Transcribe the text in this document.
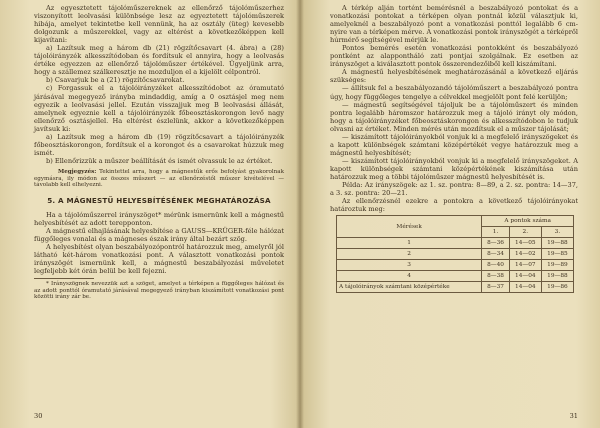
Az egyesztetett tájolóműszereknek az ellenőrző tájolóműszerhez viszonyított leolvasási különbsége lesz az egyeztetett tájolóműszerek hibája, amelyet tekintetbe kell vennünk, ha az osztály (üteg) kevesebb dolgozunk a műszerekkel, vagy az eltérést a következőképpen kell kijavítani:

a) Lazítsuk meg a három db (21) rögzítőcsavart (4. ábra) a (28) tájolóirányzék alkesszítódoban és fordítsuk el annyira, hogy a leolvasás értéke egyezzen az ellenőrző tájolóműszer értékével. Ügyeljünk arra, hogy a szállemez szálkeresztje ne mozduljon el a kijelölt célpontról.

b) Csavarjuk be a (21) rögzítőcsavarokat.

c) Forgassuk el a tájolóirányzéket alkesszítódobot az óramutató járásával megegyező irányba mindaddig, amíg a 0 osztásjel meg nem egyezik a leolvasási jellel. Ezután visszajjuk meg B leolvasási állását, amelynek egyeznie kell a tájolóirányzék főbeosztáskorongon levő nagy ellenőrző osztásjellel. Ha eltérést észlelünk, akkor a következőképpen javítsuk ki:

a) Lazítsuk meg a három db (19) rögzítőcsavart a tájolóirányzék főbeosztáskorongon, fordítsuk el a korongot és a csavarokat húzzuk meg ismét.

b) Ellenőrizzük a műszer beállítását és ismét olvassuk le az értéket.

Megjegyzés: Tekintettel arra, hogy a mágnestűk erős befolyást gyakorolnak egymásra, ily módon az összes műszert — az ellenőrzéstől műszer kivételével — távolabb kell elhelyezni.

5. A MÁGNESTŰ HELYESBÍTÉSÉNEK MEGHATÁROZÁSA

Ha a tájolóműszerrel irányszöget* mérünk ismernünk kell a mágnestű helyesbítését az adott terepponton.

A mágnestű elhajlásának helyesbítése a GAUSS—KRÜGER-féle hálózat függőleges vonalai és a mágneses észak irány által bezárt szög.

A helyesbítést olyan beszabályozópontról határozzuk meg, amelyről jól látható két-három vonatkozási pont. A választott vonatkozási pontok irányszögét ismernünk kell, a mágnestű beszabályozási műveletet legfeljebb két órán belül be kell fejezni.

* Irányszögnek nevezzük azt a szöget, amelyet a térképen a függőleges hálózat és az adott ponttól óramutató járásával megegyező irányban kiszámított vonatkozási pont közötti irány zár be.

30

A térkép alján tortént bemérésnél a beszabályozó pontokat és a vonatkozási pontokat a térképen olyan pontnál közül választjuk ki, amelyeknél a beszabályozó pont a vonatkozási ponttól legalább 6 cm-nyire van a térképen mérve. A vonatkozási pontok irányszögét a térképről húrmérő segítségével mérjük le.

Pontos bemérés esetén vonatkozási pontokként és beszabályozó pontként az alappontháló zati pontjai szolgálnak. Ez esetben az irányszöget a kiválasztott pontok összerendezőiből kell kiszámítani.

A mágnestű helyesbítésének meghatározásánál a következő eljárás szükséges:

— állítsuk fel a beszabályozandó tájolóműszert a beszabályozó pontra úgy, hogy függőleges tengelye a célvekkel megjelölt pont felé kerüljön;

— mágnestű segítségével tájoljuk be a tájolóműszert és minden pontra legalább háromszor határozzuk meg a tájoló irányt oly módon, hogy a tájolóirányzéket főbeosztáskorongon és alkesszítódobon le tudjuk olvasni az értéket. Minden mérés után mozdítsuk el a műszer tájolását;

— kiszámított tájolóirányokból vonjuk ki a megfelelő irányszögeket és a kapott különbségek számtani középértékét vegye határozzuk meg a mágnestű helyesbítését;

— kiszámított tájolóirányokból vonjuk ki a megfelelő irányszögeket. A kapott különbségek számtani középértékének kiszámítása után határozzuk meg a többi tájolóműszer mágnestű helyesbítését is.

Példa: Az irányszögek: az 1. sz. pontra: 8—89, a 2. sz. pontra: 14—37, a 3. sz. pontra: 20—21.

Az ellenőrzésnél ezekre a pontokra a következő tájolóirányokat határoztuk meg:

Mérések	A pontok száma		
	1.	2.	3.
1	8—36	14—05	19—88
2	8—34	14—02	19—85
3	8—40	14—07	19—89
4	8—38	14—04	19—88
A tájolóirányok számtani középértéke	8—37	14—04	19—86
31
